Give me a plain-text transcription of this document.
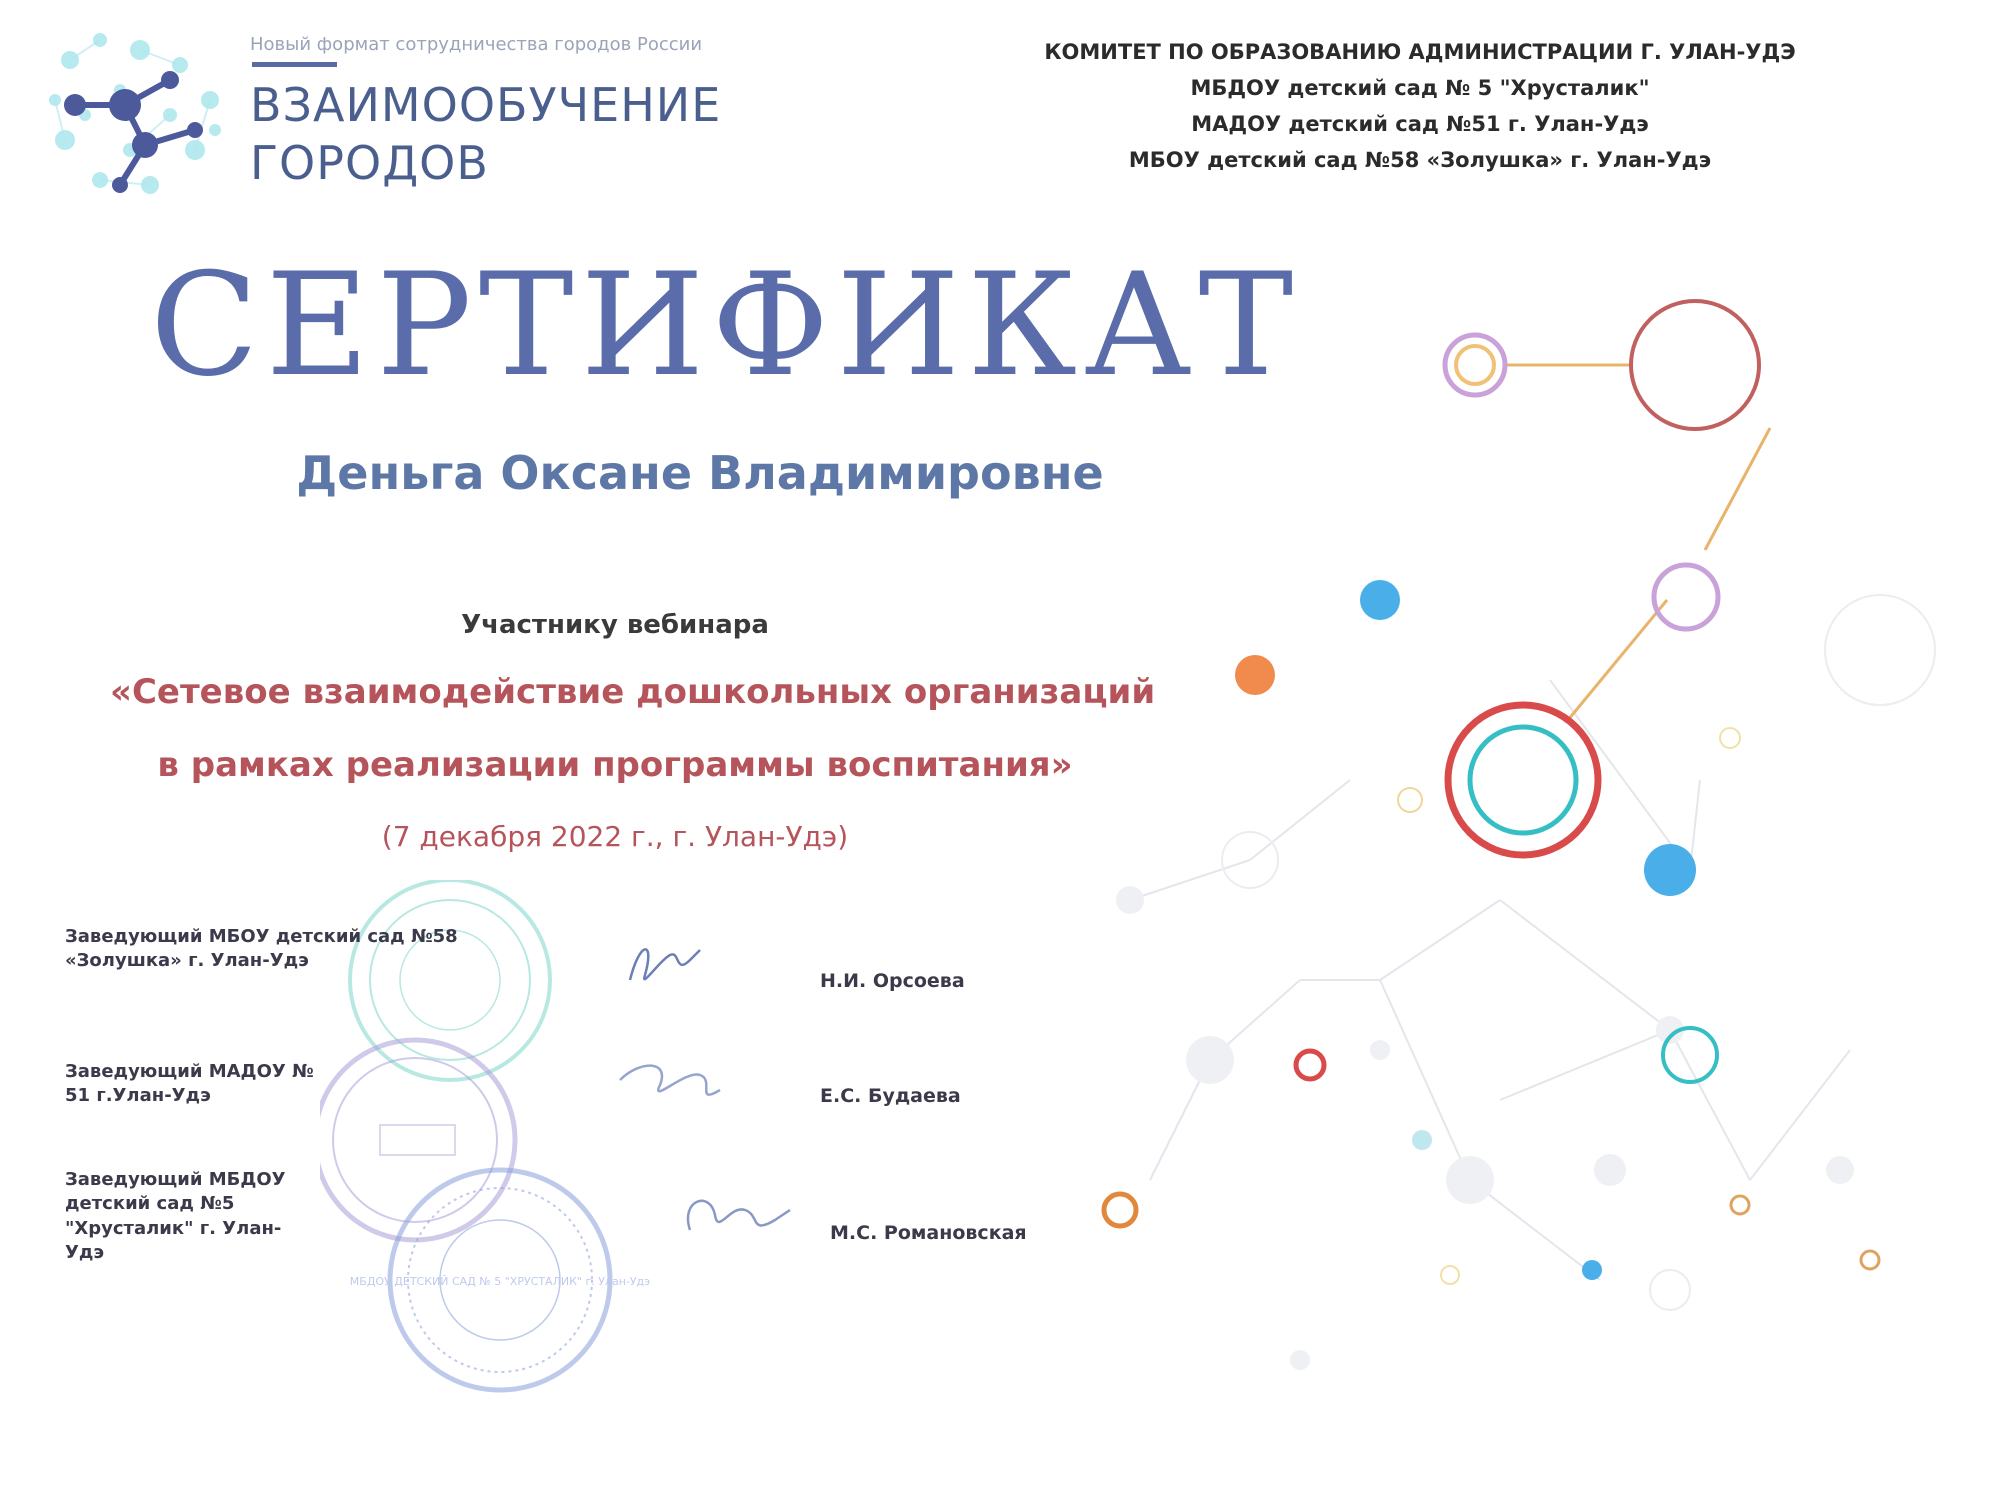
Новый формат сотрудничества городов России
ВЗАИМООБУЧЕНИЕ
ГОРОДОВ
КОМИТЕТ ПО ОБРАЗОВАНИЮ АДМИНИСТРАЦИИ Г. УЛАН-УДЭ
МБДОУ детский сад № 5 "Хрусталик"
МАДОУ детский сад №51 г. Улан-Удэ
МБОУ детский сад №58 «Золушка» г. Улан-Удэ
СЕРТИФИКАТ
Деньга Оксане Владимировне
Участнику вебинара
«Сетевое взаимодействие дошкольных организаций
в рамках реализации программы воспитания»
(7 декабря 2022 г., г. Улан-Удэ)
МБДОУ ДЕТСКИЙ САД № 5 "ХРУСТАЛИК" г. Улан-Удэ
Заведующий МБОУ детский сад №58 «Золушка» г. Улан-Удэ
Н.И. Орсоева
Заведующий МАДОУ № 51 г.Улан-Удэ	Е.С. Будаева
Заведующий МБДОУ детский сад №5 "Хрусталик" г. Улан-Удэ
М.С. Романовская
